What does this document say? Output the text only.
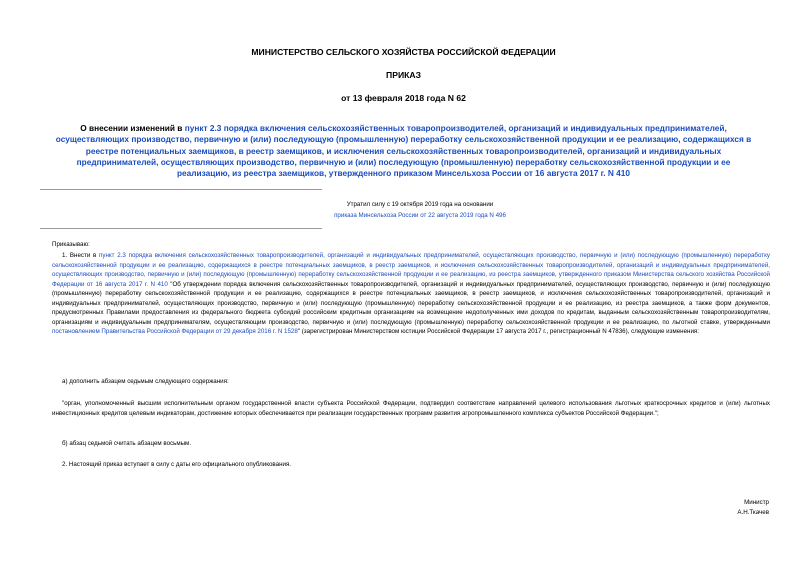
МИНИСТЕРСТВО СЕЛЬСКОГО ХОЗЯЙСТВА РОССИЙСКОЙ ФЕДЕРАЦИИ
ПРИКАЗ
от 13 февраля 2018 года N 62
О внесении изменений в пункт 2.3 порядка включения сельскохозяйственных товаропроизводителей, организаций и индивидуальных предпринимателей, осуществляющих производство, первичную и (или) последующую (промышленную) переработку сельскохозяйственной продукции и ее реализацию, содержащихся в реестре потенциальных заемщиков, в реестр заемщиков, и исключения сельскохозяйственных товаропроизводителей, организаций и индивидуальных предпринимателей, осуществляющих производство, первичную и (или) последующую (промышленную) переработку сельскохозяйственной продукции и ее реализацию, из реестра заемщиков, утвержденного приказом Минсельхоза России от 16 августа 2017 г. N 410
Утратил силу с 19 октября 2019 года на основании
приказа Минсельхоза России от 22 августа 2019 года N 496
Приказываю:

1. Внести в пункт 2.3 порядка включения сельскохозяйственных товаропроизводителей, организаций и индивидуальных предпринимателей, осуществляющих производство, первичную и (или) последующую (промышленную) переработку сельскохозяйственной продукции и ее реализацию, содержащихся в реестре потенциальных заемщиков, в реестр заемщиков, и исключения сельскохозяйственных товаропроизводителей, организаций и индивидуальных предпринимателей, осуществляющих производство, первичную и (или) последующую (промышленную) переработку сельскохозяйственной продукции и ее реализацию, из реестра заемщиков, утвержденного приказом Министерства сельского хозяйства Российской Федерации от 16 августа 2017 г. N 410 "Об утверждении порядка включения сельскохозяйственных товаропроизводителей, организаций и индивидуальных предпринимателей, осуществляющих производство, первичную и (или) последующую (промышленную) переработку сельскохозяйственной продукции и ее реализацию, содержащихся в реестре потенциальных заемщиков, в реестр заемщиков, и исключения сельскохозяйственных товаропроизводителей, организаций и индивидуальных предпринимателей, осуществляющих производство, первичную и (или) последующую (промышленную) переработку сельскохозяйственной продукции и ее реализацию, из реестра заемщиков, а также форм документов, предусмотренных Правилами предоставления из федерального бюджета субсидий российским кредитным организациям на возмещение недополученных ими доходов по кредитам, выданным сельскохозяйственным товаропроизводителям, организациям и индивидуальным предпринимателям, осуществляющим производство, первичную и (или) последующую (промышленную) переработку сельскохозяйственной продукции и ее реализацию, по льготной ставке, утвержденными постановлением Правительства Российской Федерации от 29 декабря 2016 г. N 1528" (зарегистрирован Министерством юстиции Российской Федерации 17 августа 2017 г., регистрационный N 47836), следующие изменения:

а) дополнить абзацем седьмым следующего содержания:
"орган, уполномоченный высшим исполнительным органом государственной власти субъекта Российской Федерации, подтвердил соответствие направлений целевого использования льготных краткосрочных кредитов и (или) льготных инвестиционных кредитов целевым индикаторам, достижение которых обеспечивается при реализации государственных программ развития агропромышленного комплекса субъектов Российской Федерации.";
б) абзац седьмой считать абзацем восьмым.
2. Настоящий приказ вступает в силу с даты его официального опубликования.
Министр
А.Н.Ткачев
